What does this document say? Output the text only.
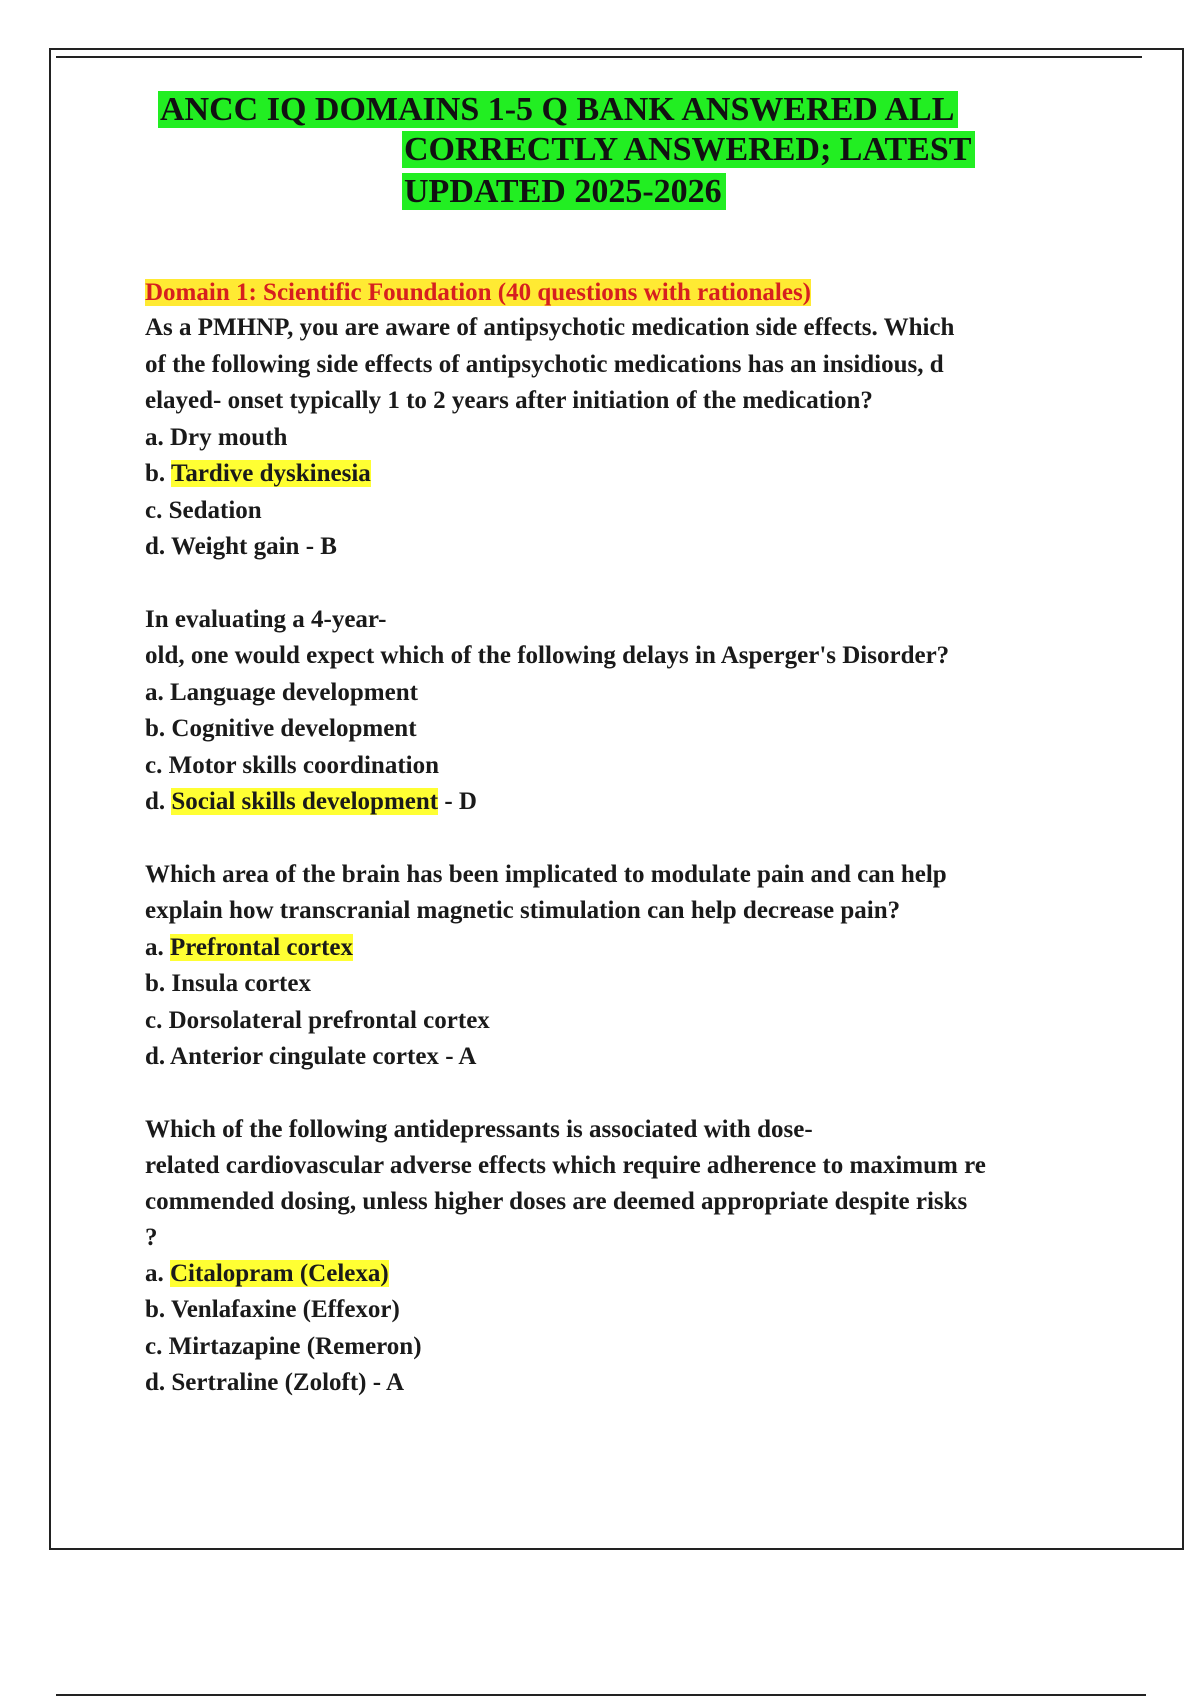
ANCC IQ DOMAINS 1-5 Q BANK ANSWERED ALL
CORRECTLY ANSWERED; LATEST
UPDATED 2025-2026
Domain 1: Scientific Foundation (40 questions with rationales)
As a PMHNP, you are aware of antipsychotic medication side effects. Which
of the following side effects of antipsychotic medications has an insidious, d
elayed- onset typically 1 to 2 years after initiation of the medication?
a. Dry mouth
b. Tardive dyskinesia
c. Sedation
d. Weight gain - B
In evaluating a 4-year-
old, one would expect which of the following delays in Asperger's Disorder?
a. Language development
b. Cognitive development
c. Motor skills coordination
d. Social skills development - D
Which area of the brain has been implicated to modulate pain and can help
explain how transcranial magnetic stimulation can help decrease pain?
a. Prefrontal cortex
b. Insula cortex
c. Dorsolateral prefrontal cortex
d. Anterior cingulate cortex - A
Which of the following antidepressants is associated with dose-
related cardiovascular adverse effects which require adherence to maximum re
commended dosing, unless higher doses are deemed appropriate despite risks
?
a. Citalopram (Celexa)
b. Venlafaxine (Effexor)
c. Mirtazapine (Remeron)
d. Sertraline (Zoloft) - A
